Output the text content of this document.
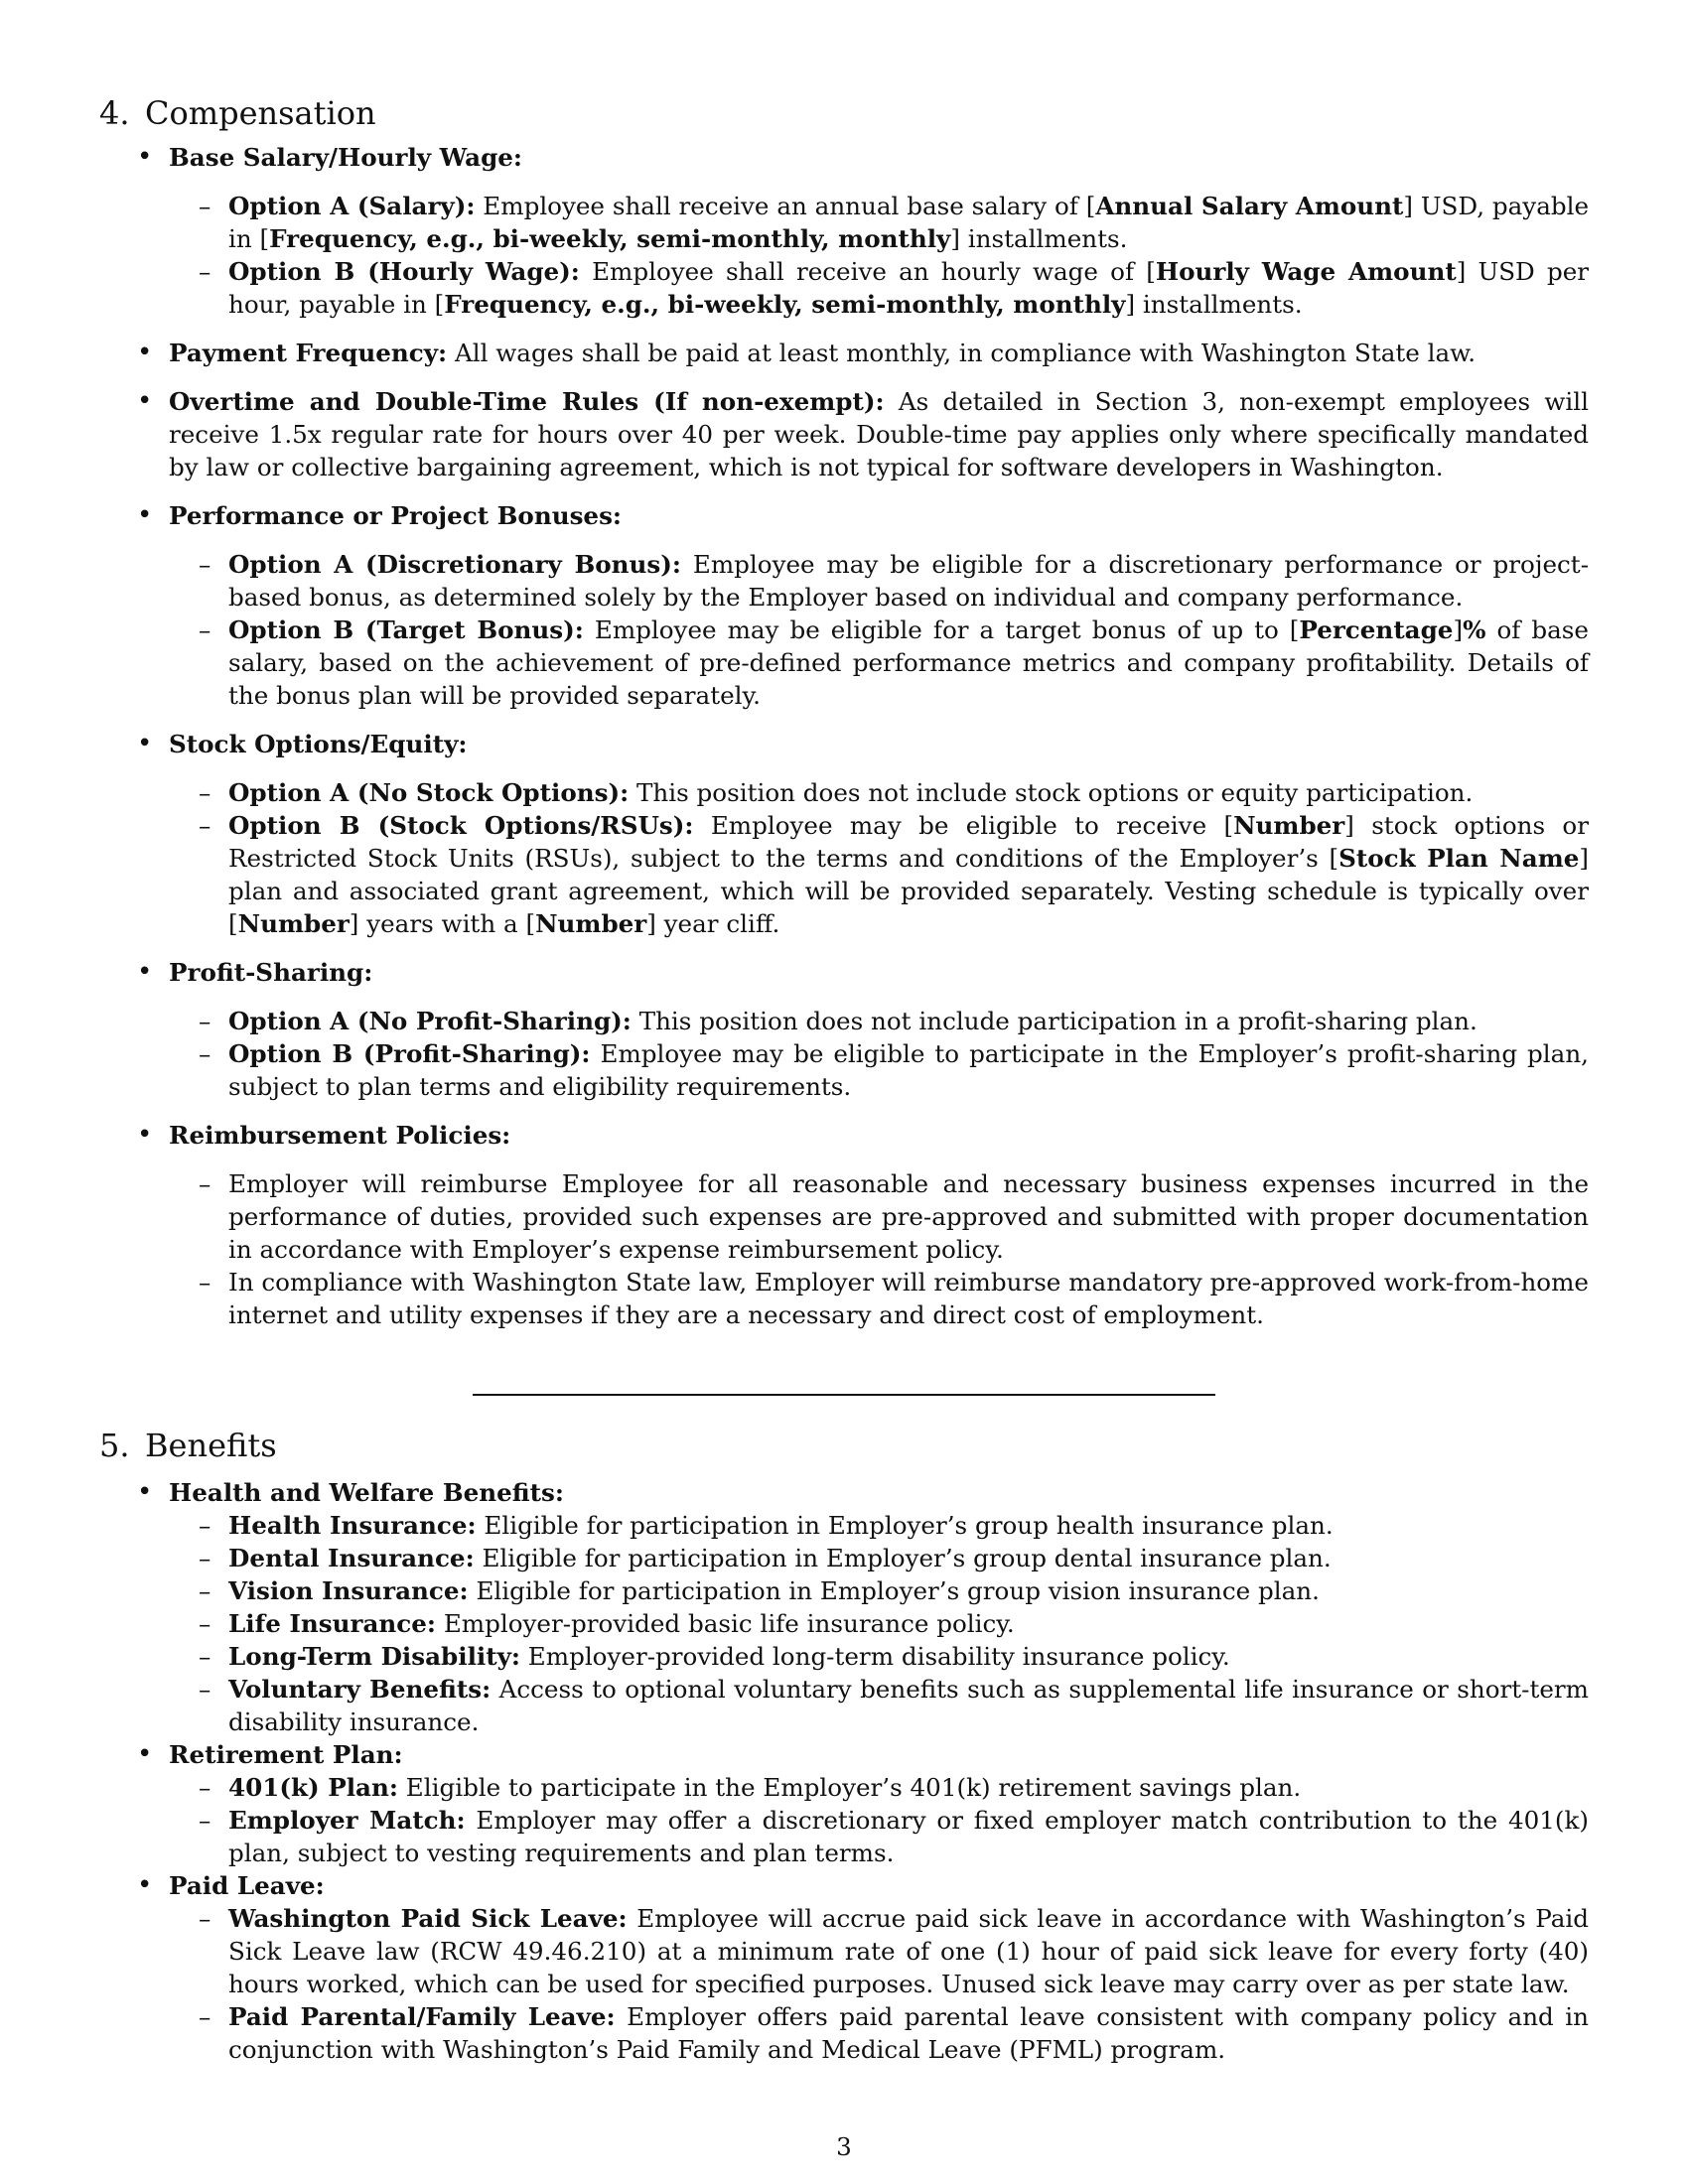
4. Compensation
• Base Salary/Hourly Wage:
– Option A (Salary): Employee shall receive an annual base salary of [Annual Salary Amount] USD, payable in [Frequency, e.g., bi-weekly, semi-monthly, monthly] installments.
– Option B (Hourly Wage): Employee shall receive an hourly wage of [Hourly Wage Amount] USD per hour, payable in [Frequency, e.g., bi-weekly, semi-monthly, monthly] installments.
• Payment Frequency: All wages shall be paid at least monthly, in compliance with Washington State law.
• Overtime and Double-Time Rules (If non-exempt): As detailed in Section 3, non-exempt employees will receive 1.5x regular rate for hours over 40 per week. Double-time pay applies only where specifically mandated by law or collective bargaining agreement, which is not typical for software developers in Washington.
• Performance or Project Bonuses:
– Option A (Discretionary Bonus): Employee may be eligible for a discretionary performance or project-based bonus, as determined solely by the Employer based on individual and company performance.
– Option B (Target Bonus): Employee may be eligible for a target bonus of up to [Percentage]% of base salary, based on the achievement of pre-defined performance metrics and company profitability. Details of the bonus plan will be provided separately.
• Stock Options/Equity:
– Option A (No Stock Options): This position does not include stock options or equity participation.
– Option B (Stock Options/RSUs): Employee may be eligible to receive [Number] stock options or Restricted Stock Units (RSUs), subject to the terms and conditions of the Employer’s [Stock Plan Name] plan and associated grant agreement, which will be provided separately. Vesting schedule is typically over [Number] years with a [Number] year cliff.
• Profit-Sharing:
– Option A (No Profit-Sharing): This position does not include participation in a profit-sharing plan.
– Option B (Profit-Sharing): Employee may be eligible to participate in the Employer’s profit-sharing plan, subject to plan terms and eligibility requirements.
• Reimbursement Policies:
– Employer will reimburse Employee for all reasonable and necessary business expenses incurred in the performance of duties, provided such expenses are pre-approved and submitted with proper documentation in accordance with Employer’s expense reimbursement policy.
– In compliance with Washington State law, Employer will reimburse mandatory pre-approved work-from-home internet and utility expenses if they are a necessary and direct cost of employment.
5. Benefits
• Health and Welfare Benefits:
– Health Insurance: Eligible for participation in Employer’s group health insurance plan.
– Dental Insurance: Eligible for participation in Employer’s group dental insurance plan.
– Vision Insurance: Eligible for participation in Employer’s group vision insurance plan.
– Life Insurance: Employer-provided basic life insurance policy.
– Long-Term Disability: Employer-provided long-term disability insurance policy.
– Voluntary Benefits: Access to optional voluntary benefits such as supplemental life insurance or short-term disability insurance.
• Retirement Plan:
– 401(k) Plan: Eligible to participate in the Employer’s 401(k) retirement savings plan.
– Employer Match: Employer may offer a discretionary or fixed employer match contribution to the 401(k) plan, subject to vesting requirements and plan terms.
• Paid Leave:
– Washington Paid Sick Leave: Employee will accrue paid sick leave in accordance with Washington’s Paid Sick Leave law (RCW 49.46.210) at a minimum rate of one (1) hour of paid sick leave for every forty (40) hours worked, which can be used for specified purposes. Unused sick leave may carry over as per state law.
– Paid Parental/Family Leave: Employer offers paid parental leave consistent with company policy and in conjunction with Washington’s Paid Family and Medical Leave (PFML) program.
3
